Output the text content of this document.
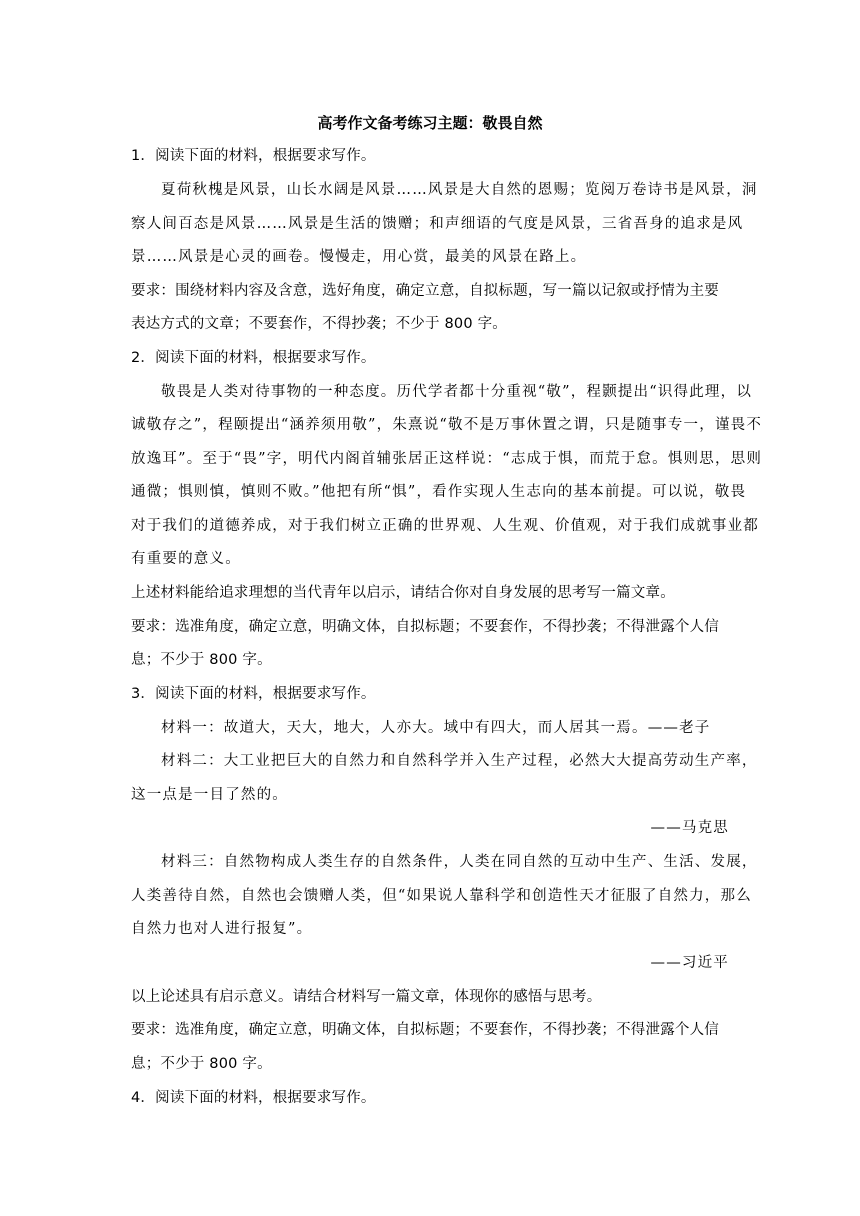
高考作文备考练习主题：敬畏自然
1．阅读下面的材料，根据要求写作。
夏荷秋槐是风景，山长水阔是风景……风景是大自然的恩赐；览阅万卷诗书是风景，洞
察人间百态是风景……风景是生活的馈赠；和声细语的气度是风景，三省吾身的追求是风
景……风景是心灵的画卷。慢慢走，用心赏，最美的风景在路上。
要求：围绕材料内容及含意，选好角度，确定立意，自拟标题，写一篇以记叙或抒情为主要
表达方式的文章；不要套作，不得抄袭；不少于 800 字。
2．阅读下面的材料，根据要求写作。
敬畏是人类对待事物的一种态度。历代学者都十分重视“敬”，程颢提出“识得此理，以
诚敬存之”，程颐提出“涵养须用敬”，朱熹说“敬不是万事休置之谓，只是随事专一，谨畏不
放逸耳”。至于“畏”字，明代内阁首辅张居正这样说：“志成于惧，而荒于怠。惧则思，思则
通微；惧则慎，慎则不败。”他把有所“惧”，看作实现人生志向的基本前提。可以说，敬畏
对于我们的道德养成，对于我们树立正确的世界观、人生观、价值观，对于我们成就事业都
有重要的意义。
上述材料能给追求理想的当代青年以启示，请结合你对自身发展的思考写一篇文章。
要求：选准角度，确定立意，明确文体，自拟标题；不要套作，不得抄袭；不得泄露个人信
息；不少于 800 字。
3．阅读下面的材料，根据要求写作。
材料一：故道大，天大，地大，人亦大。域中有四大，而人居其一焉。——老子
材料二：大工业把巨大的自然力和自然科学并入生产过程，必然大大提高劳动生产率，
这一点是一目了然的。
——马克思
材料三：自然物构成人类生存的自然条件，人类在同自然的互动中生产、生活、发展，
人类善待自然，自然也会馈赠人类，但“如果说人靠科学和创造性天才征服了自然力，那么
自然力也对人进行报复”。
——习近平
以上论述具有启示意义。请结合材料写一篇文章，体现你的感悟与思考。
要求：选准角度，确定立意，明确文体，自拟标题；不要套作，不得抄袭；不得泄露个人信
息；不少于 800 字。
4．阅读下面的材料，根据要求写作。
